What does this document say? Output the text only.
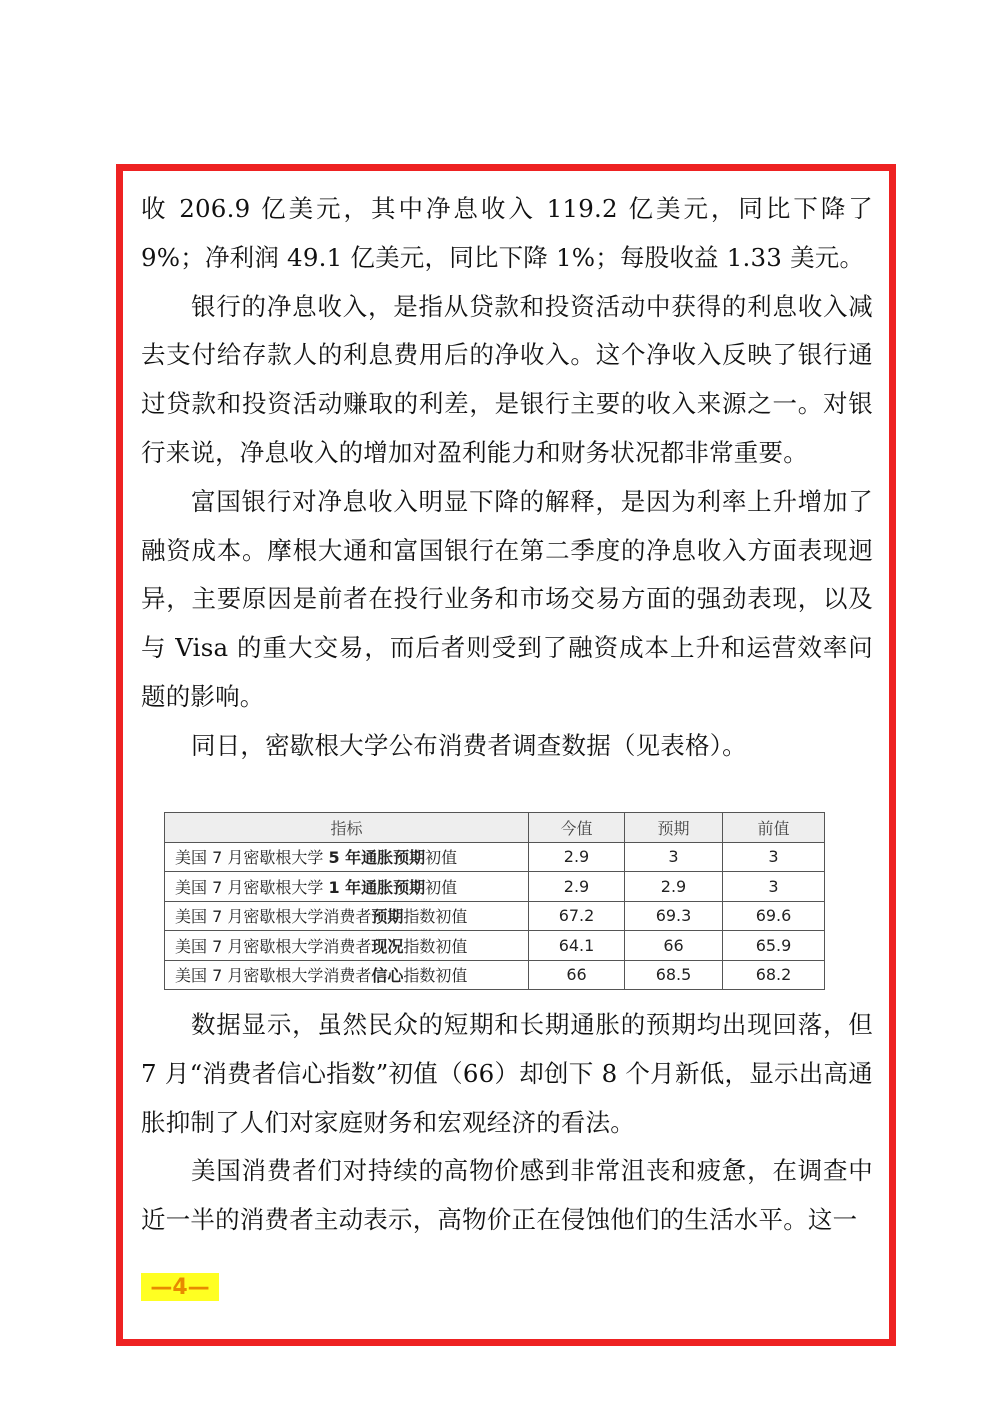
收 206.9 亿美元，其中净息收入 119.2 亿美元，同比下降了 9%；净利润 49.1 亿美元，同比下降 1%；每股收益 1.33 美元。

银行的净息收入，是指从贷款和投资活动中获得的利息收入减去支付给存款人的利息费用后的净收入。这个净收入反映了银行通过贷款和投资活动赚取的利差，是银行主要的收入来源之一。对银行来说，净息收入的增加对盈利能力和财务状况都非常重要。

富国银行对净息收入明显下降的解释，是因为利率上升增加了融资成本。摩根大通和富国银行在第二季度的净息收入方面表现迥异，主要原因是前者在投行业务和市场交易方面的强劲表现，以及与 Visa 的重大交易，而后者则受到了融资成本上升和运营效率问题的影响。

同日，密歇根大学公布消费者调查数据（见表格）。

指标	今值	预期	前值
美国 7 月密歇根大学 5 年通胀预期初值	2.9	3	3
美国 7 月密歇根大学 1 年通胀预期初值	2.9	2.9	3
美国 7 月密歇根大学消费者预期指数初值	67.2	69.3	69.6
美国 7 月密歇根大学消费者现况指数初值	64.1	66	65.9
美国 7 月密歇根大学消费者信心指数初值	66	68.5	68.2

数据显示，虽然民众的短期和长期通胀的预期均出现回落，但 7 月“消费者信心指数”初值（66）却创下 8 个月新低，显示出高通胀抑制了人们对家庭财务和宏观经济的看法。

美国消费者们对持续的高物价感到非常沮丧和疲惫，在调查中近一半的消费者主动表示，高物价正在侵蚀他们的生活水平。这一

—4—
